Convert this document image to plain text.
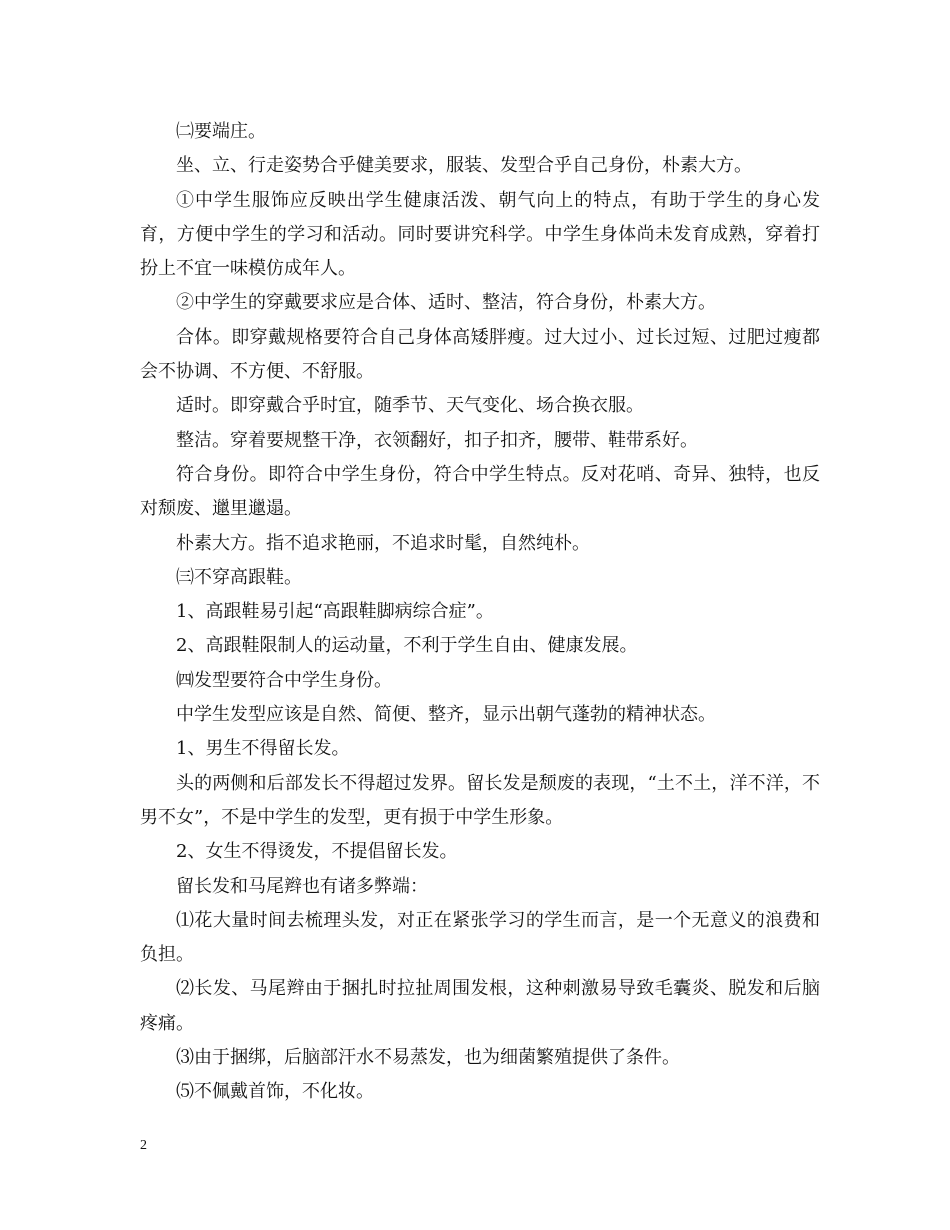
㈡要端庄。

坐、立、行走姿势合乎健美要求，服装、发型合乎自己身份，朴素大方。

①中学生服饰应反映出学生健康活泼、朝气向上的特点，有助于学生的身心发育，方便中学生的学习和活动。同时要讲究科学。中学生身体尚未发育成熟，穿着打扮上不宜一味模仿成年人。

②中学生的穿戴要求应是合体、适时、整洁，符合身份，朴素大方。

合体。即穿戴规格要符合自己身体高矮胖瘦。过大过小、过长过短、过肥过瘦都会不协调、不方便、不舒服。

适时。即穿戴合乎时宜，随季节、天气变化、场合换衣服。

整洁。穿着要规整干净，衣领翻好，扣子扣齐，腰带、鞋带系好。

符合身份。即符合中学生身份，符合中学生特点。反对花哨、奇异、独特，也反对颓废、邋里邋遢。

朴素大方。指不追求艳丽，不追求时髦，自然纯朴。

㈢不穿高跟鞋。

1、高跟鞋易引起“高跟鞋脚病综合症”。

2、高跟鞋限制人的运动量，不利于学生自由、健康发展。

㈣发型要符合中学生身份。

中学生发型应该是自然、简便、整齐，显示出朝气蓬勃的精神状态。

1、男生不得留长发。

头的两侧和后部发长不得超过发界。留长发是颓废的表现，“土不土，洋不洋，不男不女”，不是中学生的发型，更有损于中学生形象。

2、女生不得烫发，不提倡留长发。

留长发和马尾辫也有诸多弊端：

⑴花大量时间去梳理头发，对正在紧张学习的学生而言，是一个无意义的浪费和负担。

⑵长发、马尾辫由于捆扎时拉扯周围发根，这种刺激易导致毛囊炎、脱发和后脑疼痛。

⑶由于捆绑，后脑部汗水不易蒸发，也为细菌繁殖提供了条件。

⑸不佩戴首饰，不化妆。

2
